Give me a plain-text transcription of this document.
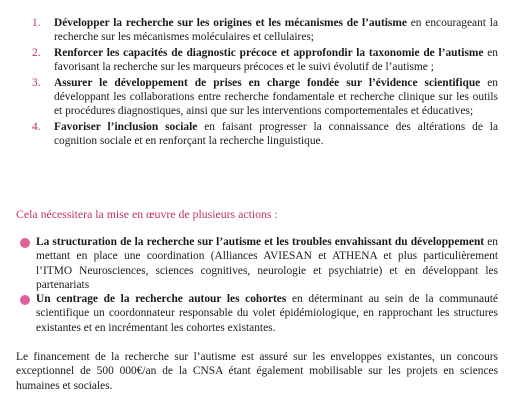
1. Développer la recherche sur les origines et les mécanismes de l’autisme en encourageant la recherche sur les mécanismes moléculaires et cellulaires;
2. Renforcer les capacités de diagnostic précoce et approfondir la taxonomie de l’autisme en favorisant la recherche sur les marqueurs précoces et le suivi évolutif de l’autisme ;
3. Assurer le développement de prises en charge fondée sur l’évidence scientifique en développant les collaborations entre recherche fondamentale et recherche clinique sur les outils et procédures diagnostiques, ainsi que sur les interventions comportementales et éducatives;
4. Favoriser l’inclusion sociale en faisant progresser la connaissance des altérations de la cognition sociale et en renforçant la recherche linguistique.
Cela nécessitera la mise en œuvre de plusieurs actions :
La structuration de la recherche sur l’autisme et les troubles envahissant du développement en mettant en place une coordination (Alliances AVIESAN et ATHENA et plus particulièrement l’ITMO Neurosciences, sciences cognitives, neurologie et psychiatrie) et en développant les partenariats
Un centrage de la recherche autour les cohortes en déterminant au sein de la communauté scientifique un coordonnateur responsable du volet épidémiologique, en rapprochant les structures existantes et en incrémentant les cohortes existantes.

Le financement de la recherche sur l’autisme est assuré sur les enveloppes existantes, un concours exceptionnel de 500 000€/an de la CNSA étant également mobilisable sur les projets en sciences humaines et sociales.
